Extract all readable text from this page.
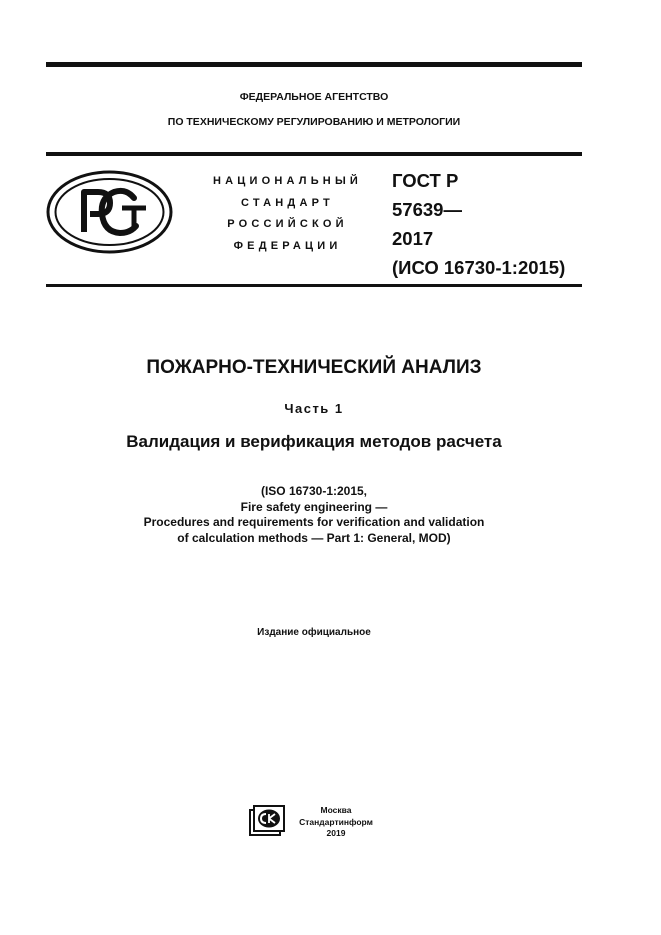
ФЕДЕРАЛЬНОЕ АГЕНТСТВО
ПО ТЕХНИЧЕСКОМУ РЕГУЛИРОВАНИЮ И МЕТРОЛОГИИ
НАЦИОНАЛЬНЫЙ
СТАНДАРТ
РОССИЙСКОЙ
ФЕДЕРАЦИИ
ГОСТ Р
57639—
2017
(ИСО 16730-1:2015)
ПОЖАРНО-ТЕХНИЧЕСКИЙ АНАЛИЗ
Часть 1
Валидация и верификация методов расчета
(ISO 16730-1:2015,
Fire safety engineering —
Procedures and requirements for verification and validation
of calculation methods — Part 1: General, MOD)
Издание официальное
Москва
Стандартинформ
2019
